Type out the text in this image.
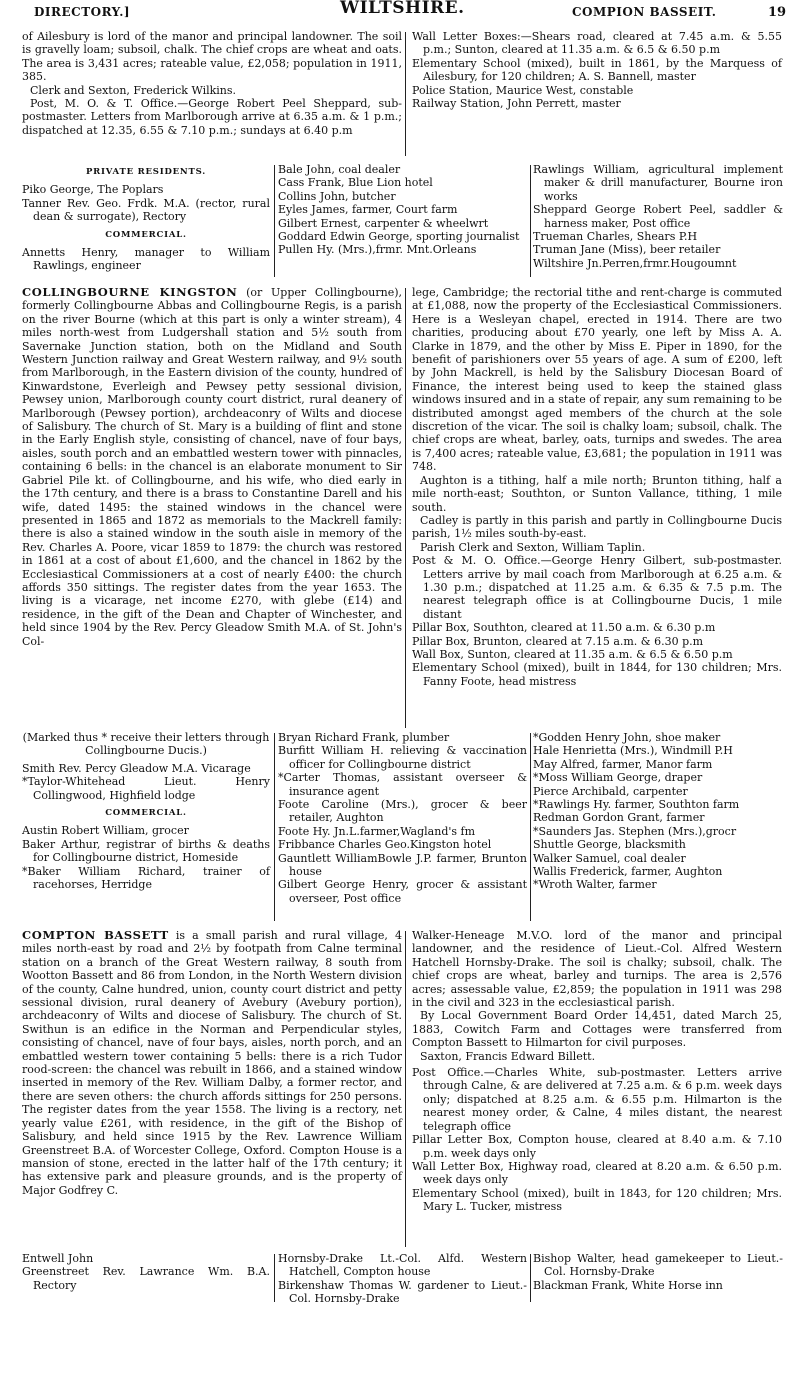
DIRECTORY.]	WILTSHIRE.	COMPION BASSEIT.	19

of Ailesbury is lord of the manor and principal landowner. The soil is gravelly loam; subsoil, chalk. The chief crops are wheat and oats. The area is 3,431 acres; rateable value, £2,058; population in 1911, 385.

Clerk and Sexton, Frederick Wilkins.

Post, M. O. & T. Office.—George Robert Peel Sheppard, sub-postmaster. Letters from Marlborough arrive at 6.35 a.m. & 1 p.m.; dispatched at 12.35, 6.55 & 7.10 p.m.; sundays at 6.40 p.m

Wall Letter Boxes:—Shears road, cleared at 7.45 a.m. & 5.55 p.m.; Sunton, cleared at 11.35 a.m. & 6.5 & 6.50 p.m

Elementary School (mixed), built in 1861, by the Marquess of Ailesbury, for 120 children; A. S. Bannell, master

Police Station, Maurice West, constable

Railway Station, John Perrett, master

PRIVATE RESIDENTS.

Piko George, The Poplars

Tanner Rev. Geo. Frdk. M.A. (rector, rural dean & surrogate), Rectory

COMMERCIAL.

Annetts Henry, manager to William Rawlings, engineer

Bale John, coal dealer

Cass Frank, Blue Lion hotel

Collins John, butcher

Eyles James, farmer, Court farm

Gilbert Ernest, carpenter & wheelwrt

Goddard Edwin George, sporting journalist

Pullen Hy. (Mrs.),frmr. Mnt.Orleans

Rawlings William, agricultural implement maker & drill manufacturer, Bourne iron works

Sheppard George Robert Peel, saddler & harness maker, Post office

Trueman Charles, Shears P.H

Truman Jane (Miss), beer retailer

Wiltshire Jn.Perren,frmr.Hougoumnt

COLLINGBOURNE KINGSTON (or Upper Collingbourne), formerly Collingbourne Abbas and Collingbourne Regis, is a parish on the river Bourne (which at this part is only a winter stream), 4 miles north-west from Ludgershall station and 5½ south from Savernake Junction station, both on the Midland and South Western Junction railway and Great Western railway, and 9½ south from Marlborough, in the Eastern division of the county, hundred of Kinwardstone, Everleigh and Pewsey petty sessional division, Pewsey union, Marlborough county court district, rural deanery of Marlborough (Pewsey portion), archdeaconry of Wilts and diocese of Salisbury. The church of St. Mary is a building of flint and stone in the Early English style, consisting of chancel, nave of four bays, aisles, south porch and an embattled western tower with pinnacles, containing 6 bells: in the chancel is an elaborate monument to Sir Gabriel Pile kt. of Collingbourne, and his wife, who died early in the 17th century, and there is a brass to Constantine Darell and his wife, dated 1495: the stained windows in the chancel were presented in 1865 and 1872 as memorials to the Mackrell family: there is also a stained window in the south aisle in memory of the Rev. Charles A. Poore, vicar 1859 to 1879: the church was restored in 1861 at a cost of about £1,600, and the chancel in 1862 by the Ecclesiastical Commissioners at a cost of nearly £400: the church affords 350 sittings. The register dates from the year 1653. The living is a vicarage, net income £270, with glebe (£14) and residence, in the gift of the Dean and Chapter of Winchester, and held since 1904 by the Rev. Percy Gleadow Smith M.A. of St. John's Col-

lege, Cambridge; the rectorial tithe and rent-charge is commuted at £1,088, now the property of the Ecclesiastical Commissioners. Here is a Wesleyan chapel, erected in 1914. There are two charities, producing about £70 yearly, one left by Miss A. A. Clarke in 1879, and the other by Miss E. Piper in 1890, for the benefit of parishioners over 55 years of age. A sum of £200, left by John Mackrell, is held by the Salisbury Diocesan Board of Finance, the interest being used to keep the stained glass windows insured and in a state of repair, any sum remaining to be distributed amongst aged members of the church at the sole discretion of the vicar. The soil is chalky loam; subsoil, chalk. The chief crops are wheat, barley, oats, turnips and swedes. The area is 7,400 acres; rateable value, £3,681; the population in 1911 was 748.

Aughton is a tithing, half a mile north; Brunton tithing, half a mile north-east; Southton, or Sunton Vallance, tithing, 1 mile south.

Cadley is partly in this parish and partly in Collingbourne Ducis parish, 1½ miles south-by-east.

Parish Clerk and Sexton, William Taplin.

Post & M. O. Office.—George Henry Gilbert, sub-postmaster. Letters arrive by mail coach from Marlborough at 6.25 a.m. & 1.30 p.m.; dispatched at 11.25 a.m. & 6.35 & 7.5 p.m. The nearest telegraph office is at Collingbourne Ducis, 1 mile distant

Pillar Box, Southton, cleared at 11.50 a.m. & 6.30 p.m

Pillar Box, Brunton, cleared at 7.15 a.m. & 6.30 p.m

Wall Box, Sunton, cleared at 11.35 a.m. & 6.5 & 6.50 p.m

Elementary School (mixed), built in 1844, for 130 children; Mrs. Fanny Foote, head mistress

(Marked thus * receive their letters through Collingbourne Ducis.)

Smith Rev. Percy Gleadow M.A. Vicarage

*Taylor-Whitehead Lieut. Henry Collingwood, Highfield lodge

COMMERCIAL.

Austin Robert William, grocer

Baker Arthur, registrar of births & deaths for Collingbourne district, Homeside

*Baker William Richard, trainer of racehorses, Herridge

Bryan Richard Frank, plumber

Burfitt William H. relieving & vaccination officer for Collingbourne district

*Carter Thomas, assistant overseer & insurance agent

Foote Caroline (Mrs.), grocer & beer retailer, Aughton

Foote Hy. Jn.L.farmer,Wagland's fm

Fribbance Charles Geo.Kingston hotel

Gauntlett WilliamBowle J.P. farmer, Brunton house

Gilbert George Henry, grocer & assistant overseer, Post office

*Godden Henry John, shoe maker

Hale Henrietta (Mrs.), Windmill P.H

May Alfred, farmer, Manor farm

*Moss William George, draper

Pierce Archibald, carpenter

*Rawlings Hy. farmer, Southton farm

Redman Gordon Grant, farmer

*Saunders Jas. Stephen (Mrs.),grocr

Shuttle George, blacksmith

Walker Samuel, coal dealer

Wallis Frederick, farmer, Aughton

*Wroth Walter, farmer

COMPTON BASSETT is a small parish and rural village, 4 miles north-east by road and 2½ by footpath from Calne terminal station on a branch of the Great Western railway, 8 south from Wootton Bassett and 86 from London, in the North Western division of the county, Calne hundred, union, county court district and petty sessional division, rural deanery of Avebury (Avebury portion), archdeaconry of Wilts and diocese of Salisbury. The church of St. Swithun is an edifice in the Norman and Perpendicular styles, consisting of chancel, nave of four bays, aisles, north porch, and an embattled western tower containing 5 bells: there is a rich Tudor rood-screen: the chancel was rebuilt in 1866, and a stained window inserted in memory of the Rev. William Dalby, a former rector, and there are seven others: the church affords sittings for 250 persons. The register dates from the year 1558. The living is a rectory, net yearly value £261, with residence, in the gift of the Bishop of Salisbury, and held since 1915 by the Rev. Lawrence William Greenstreet B.A. of Worcester College, Oxford. Compton House is a mansion of stone, erected in the latter half of the 17th century; it has extensive park and pleasure grounds, and is the property of Major Godfrey C.

Walker-Heneage M.V.O. lord of the manor and principal landowner, and the residence of Lieut.-Col. Alfred Western Hatchell Hornsby-Drake. The soil is chalky; subsoil, chalk. The chief crops are wheat, barley and turnips. The area is 2,576 acres; assessable value, £2,859; the population in 1911 was 298 in the civil and 323 in the ecclesiastical parish.

By Local Government Board Order 14,451, dated March 25, 1883, Cowitch Farm and Cottages were transferred from Compton Bassett to Hilmarton for civil purposes.

Saxton, Francis Edward Billett.

Post Office.—Charles White, sub-postmaster. Letters arrive through Calne, & are delivered at 7.25 a.m. & 6 p.m. week days only; dispatched at 8.25 a.m. & 6.55 p.m. Hilmarton is the nearest money order, & Calne, 4 miles distant, the nearest telegraph office

Pillar Letter Box, Compton house, cleared at 8.40 a.m. & 7.10 p.m. week days only

Wall Letter Box, Highway road, cleared at 8.20 a.m. & 6.50 p.m. week days only

Elementary School (mixed), built in 1843, for 120 children; Mrs. Mary L. Tucker, mistress

Entwell John

Greenstreet Rev. Lawrance Wm. B.A. Rectory

Hornsby-Drake Lt.-Col. Alfd. Western Hatchell, Compton house

Birkenshaw Thomas W. gardener to Lieut.-Col. Hornsby-Drake

Bishop Walter, head gamekeeper to Lieut.-Col. Hornsby-Drake

Blackman Frank, White Horse inn
